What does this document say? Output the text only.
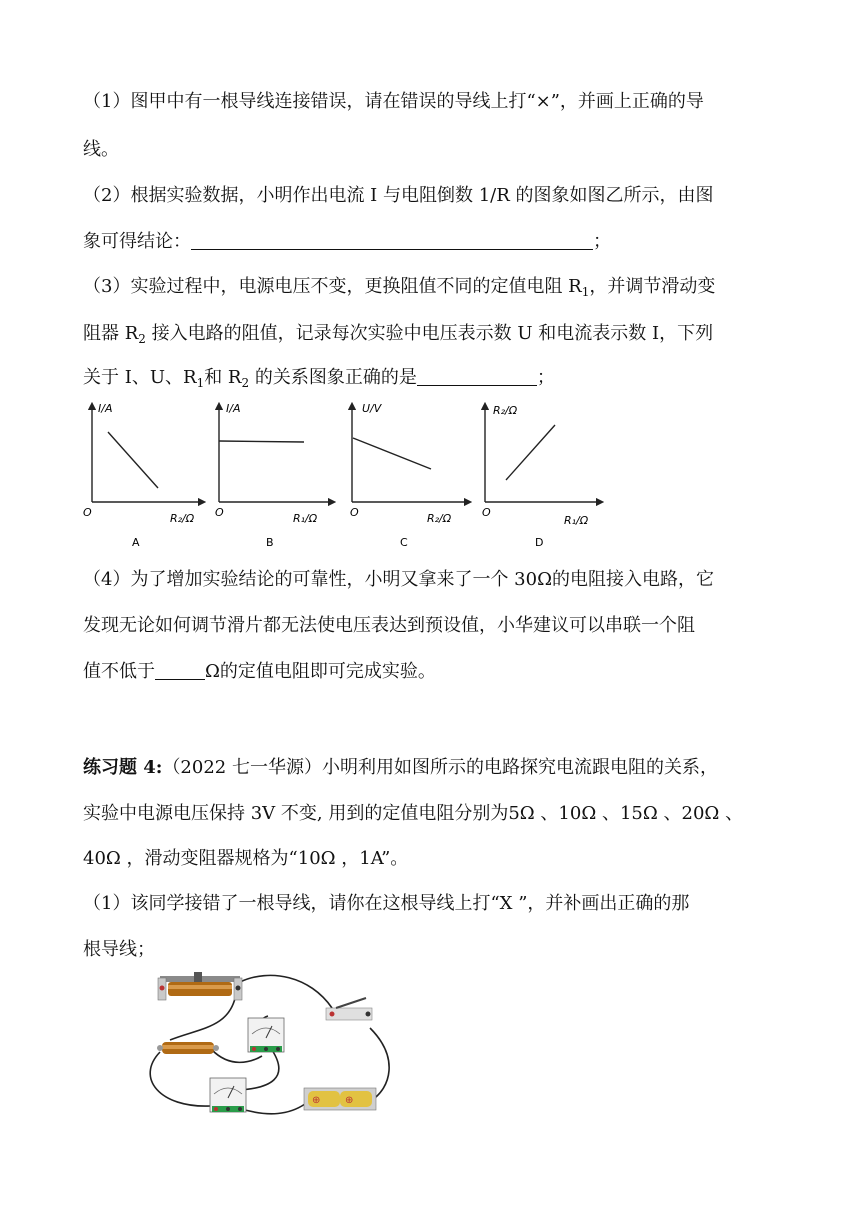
（1）图甲中有一根导线连接错误，请在错误的导线上打“×”，并画上正确的导
线。
（2）根据实验数据，小明作出电流 I 与电阻倒数 1/R 的图象如图乙所示，由图
象可得结论：	；
（3）实验过程中，电源电压不变，更换阻值不同的定值电阻 $R_1$，并调节滑动变
阻器 $R_2$ 接入电路的阻值，记录每次实验中电压表示数 U 和电流表示数 I，下列
关于 I、U、$R_1$和 $R_2$ 的关系图象正确的是	；
I/A
O	R₂/Ω
A
I/A
O	R₁/Ω
B
U/V
O	R₂/Ω
C
R₂/Ω
O
R₁/Ω
D
（4）为了增加实验结论的可靠性，小明又拿来了一个 30Ω的电阻接入电路，它
发现无论如何调节滑片都无法使电压表达到预设值，小华建议可以串联一个阻
值不低于	Ω的定值电阻即可完成实验。
练习题 4:（2022 七一华源）小明利用如图所示的电路探究电流跟电阻的关系，
实验中电源电压保持 3V 不变, 用到的定值电阻分别为5Ω 、10Ω 、15Ω 、20Ω 、
40Ω ，滑动变阻器规格为“10Ω ，1A”。
（1）该同学接错了一根导线，请你在这根导线上打“X ”，并补画出正确的那
根导线；
⊕ ⊕
